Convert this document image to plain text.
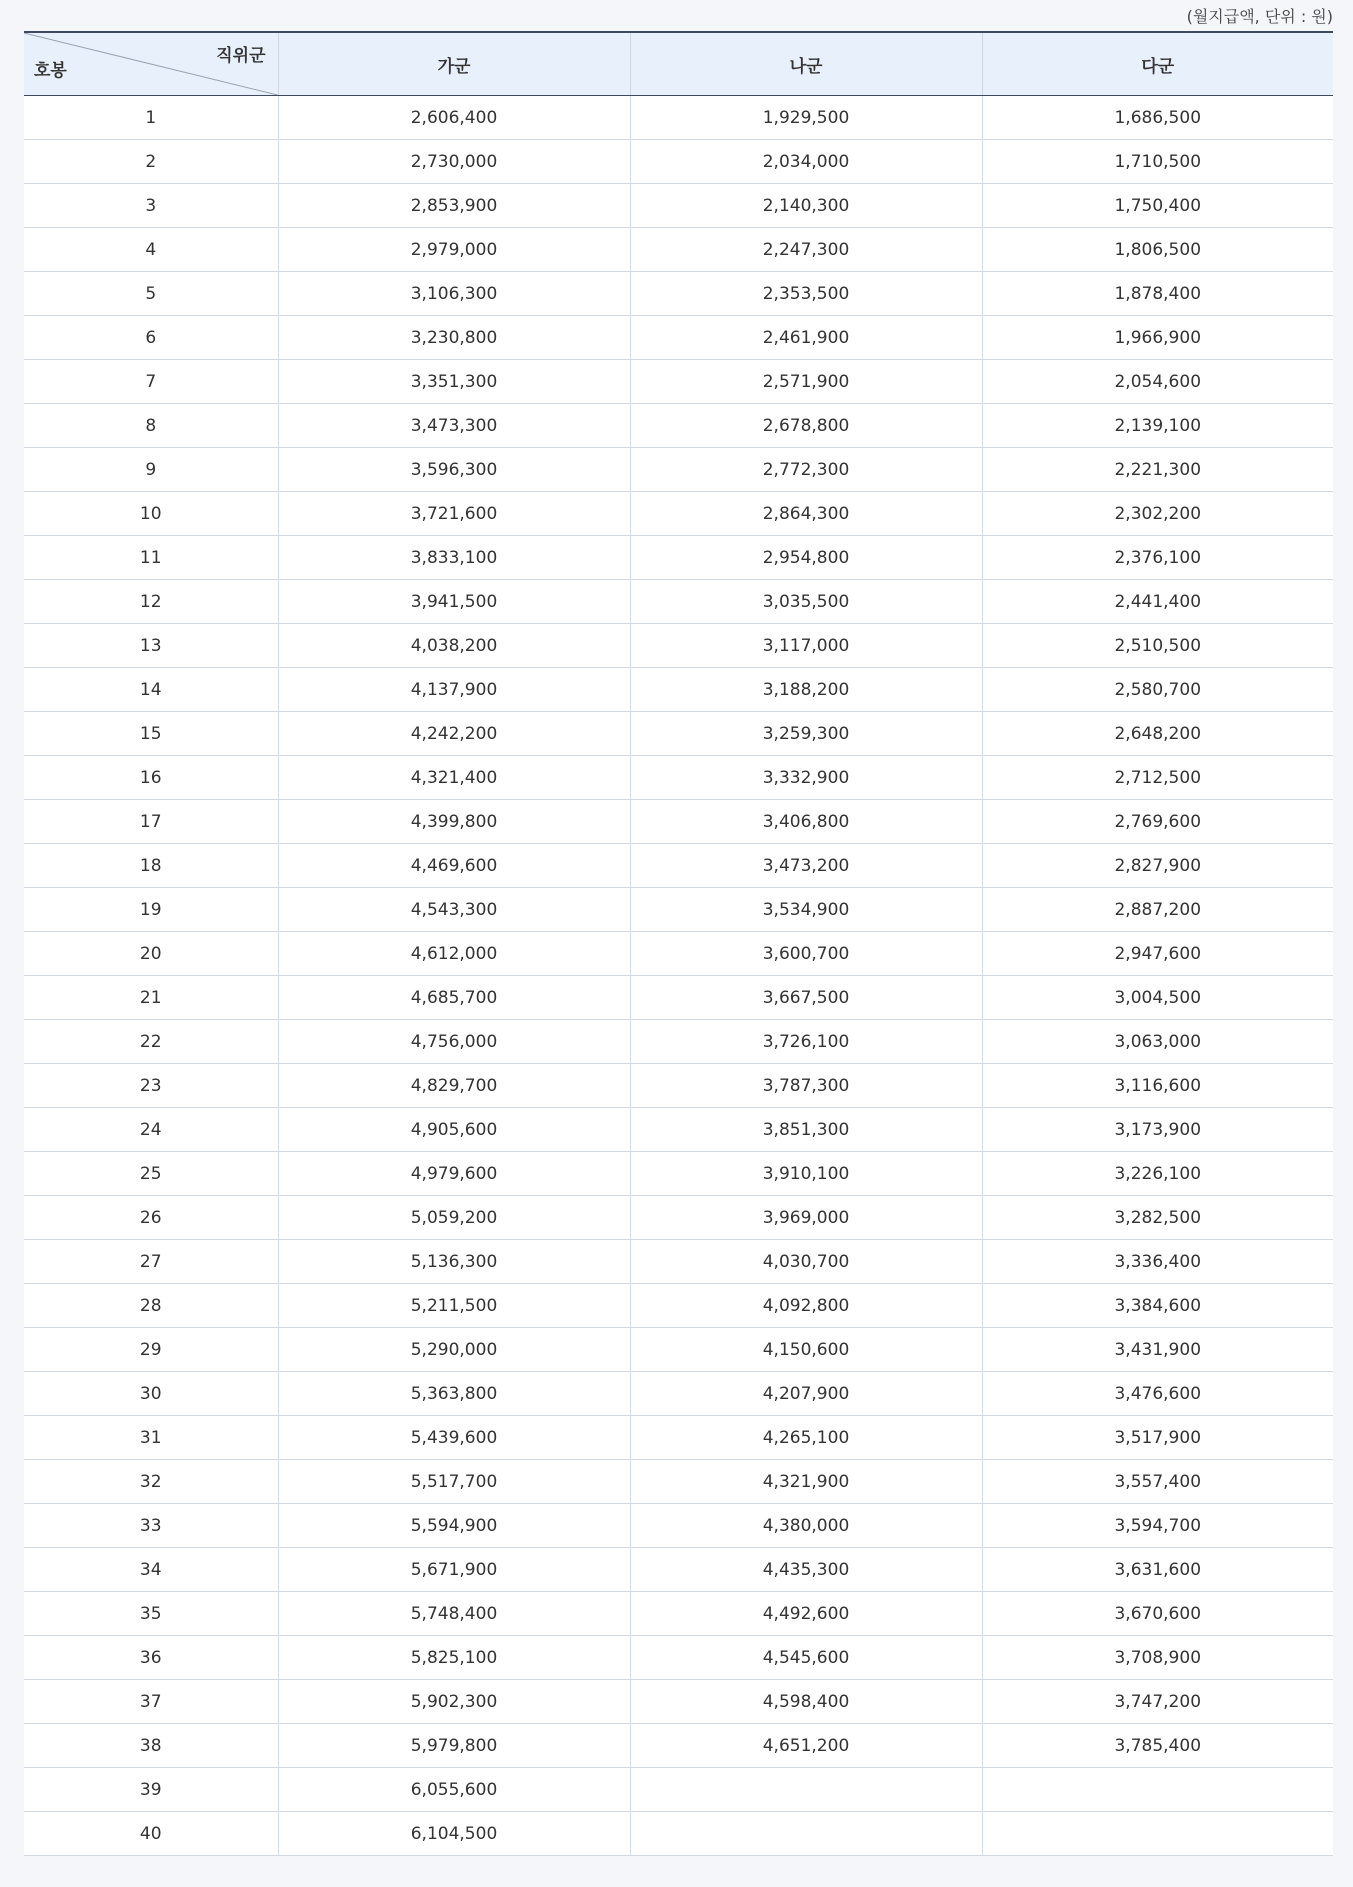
(월지급액, 단위 : 원)
직위군
호봉	가군	나군	다군
1	2,606,400	1,929,500	1,686,500
2	2,730,000	2,034,000	1,710,500
3	2,853,900	2,140,300	1,750,400
4	2,979,000	2,247,300	1,806,500
5	3,106,300	2,353,500	1,878,400
6	3,230,800	2,461,900	1,966,900
7	3,351,300	2,571,900	2,054,600
8	3,473,300	2,678,800	2,139,100
9	3,596,300	2,772,300	2,221,300
10	3,721,600	2,864,300	2,302,200
11	3,833,100	2,954,800	2,376,100
12	3,941,500	3,035,500	2,441,400
13	4,038,200	3,117,000	2,510,500
14	4,137,900	3,188,200	2,580,700
15	4,242,200	3,259,300	2,648,200
16	4,321,400	3,332,900	2,712,500
17	4,399,800	3,406,800	2,769,600
18	4,469,600	3,473,200	2,827,900
19	4,543,300	3,534,900	2,887,200
20	4,612,000	3,600,700	2,947,600
21	4,685,700	3,667,500	3,004,500
22	4,756,000	3,726,100	3,063,000
23	4,829,700	3,787,300	3,116,600
24	4,905,600	3,851,300	3,173,900
25	4,979,600	3,910,100	3,226,100
26	5,059,200	3,969,000	3,282,500
27	5,136,300	4,030,700	3,336,400
28	5,211,500	4,092,800	3,384,600
29	5,290,000	4,150,600	3,431,900
30	5,363,800	4,207,900	3,476,600
31	5,439,600	4,265,100	3,517,900
32	5,517,700	4,321,900	3,557,400
33	5,594,900	4,380,000	3,594,700
34	5,671,900	4,435,300	3,631,600
35	5,748,400	4,492,600	3,670,600
36	5,825,100	4,545,600	3,708,900
37	5,902,300	4,598,400	3,747,200
38	5,979,800	4,651,200	3,785,400
39	6,055,600		
40	6,104,500		
